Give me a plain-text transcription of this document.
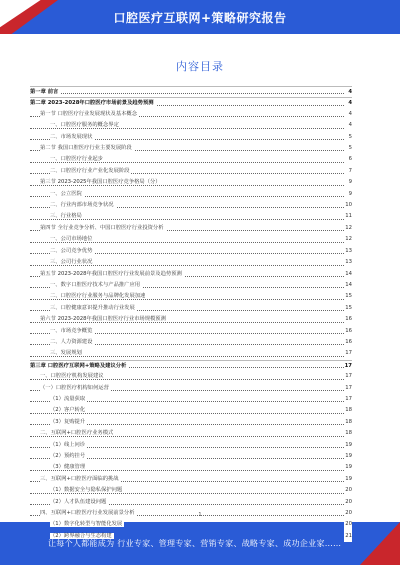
口腔医疗互联网+策略研究报告
内容目录
第一章 前言	4
第二章 2023-2028年口腔医疗市场前景及趋势预测	4
第一节 口腔医疗行业发展现状及基本概念	4
一、口腔医疗服务的概念界定	4
二、市场发展现状	5
第二节 我国口腔医疗行业主要发展阶段	5
一、口腔医疗行业起步	6
二、口腔医疗行业产业化发展阶段	7
第三节 2023-2025年我国口腔医疗竞争格局（分）	9
一、公立医院	9
二、行业内部市场竞争状况	10
三、行业格局	11
第四节 全行业竞争分析、中国口腔医疗行业投资分析	12
一、公司市场地位	12
二、公司竞争优势	13
三、公司行业状况	13
第五节 2023-2028年我国口腔医疗行业发展前景及趋势预测	14
一、数字口腔医疗技术与产品推广应用	14
二、口腔医疗行业服务与品牌化发展加速	15
三、口腔健康意识提升推动行业发展	15
第六节 2023-2028年我国口腔医疗行业市场规模预测	16
一、市场竞争概览	16
二、人力资源建设	16
三、发展规划	17
第三章 口腔医疗互联网+策略及建议分析	17
一、口腔医疗机构发展建议	17
（一）口腔医疗机构如何运营	17
（1）流量获取	17
（2）客户转化	18
（3）复购提升	18
二、互联网+口腔医疗业务模式	18
（1）线上问诊	19
（2）预约挂号	19
（3）健康管理	19
三、互联网+口腔医疗面临的挑战	19
（1）数据安全与隐私保护问题	20
（2）人才队伍建设问题	20
四、互联网+口腔医疗行业发展前景分析	20
（1）数字化转型与智能化发展	20
（2）跨界融合与生态构建	21
1
让每个人都能成为 行业专家、管理专家、营销专家、战略专家、成功企业家……
